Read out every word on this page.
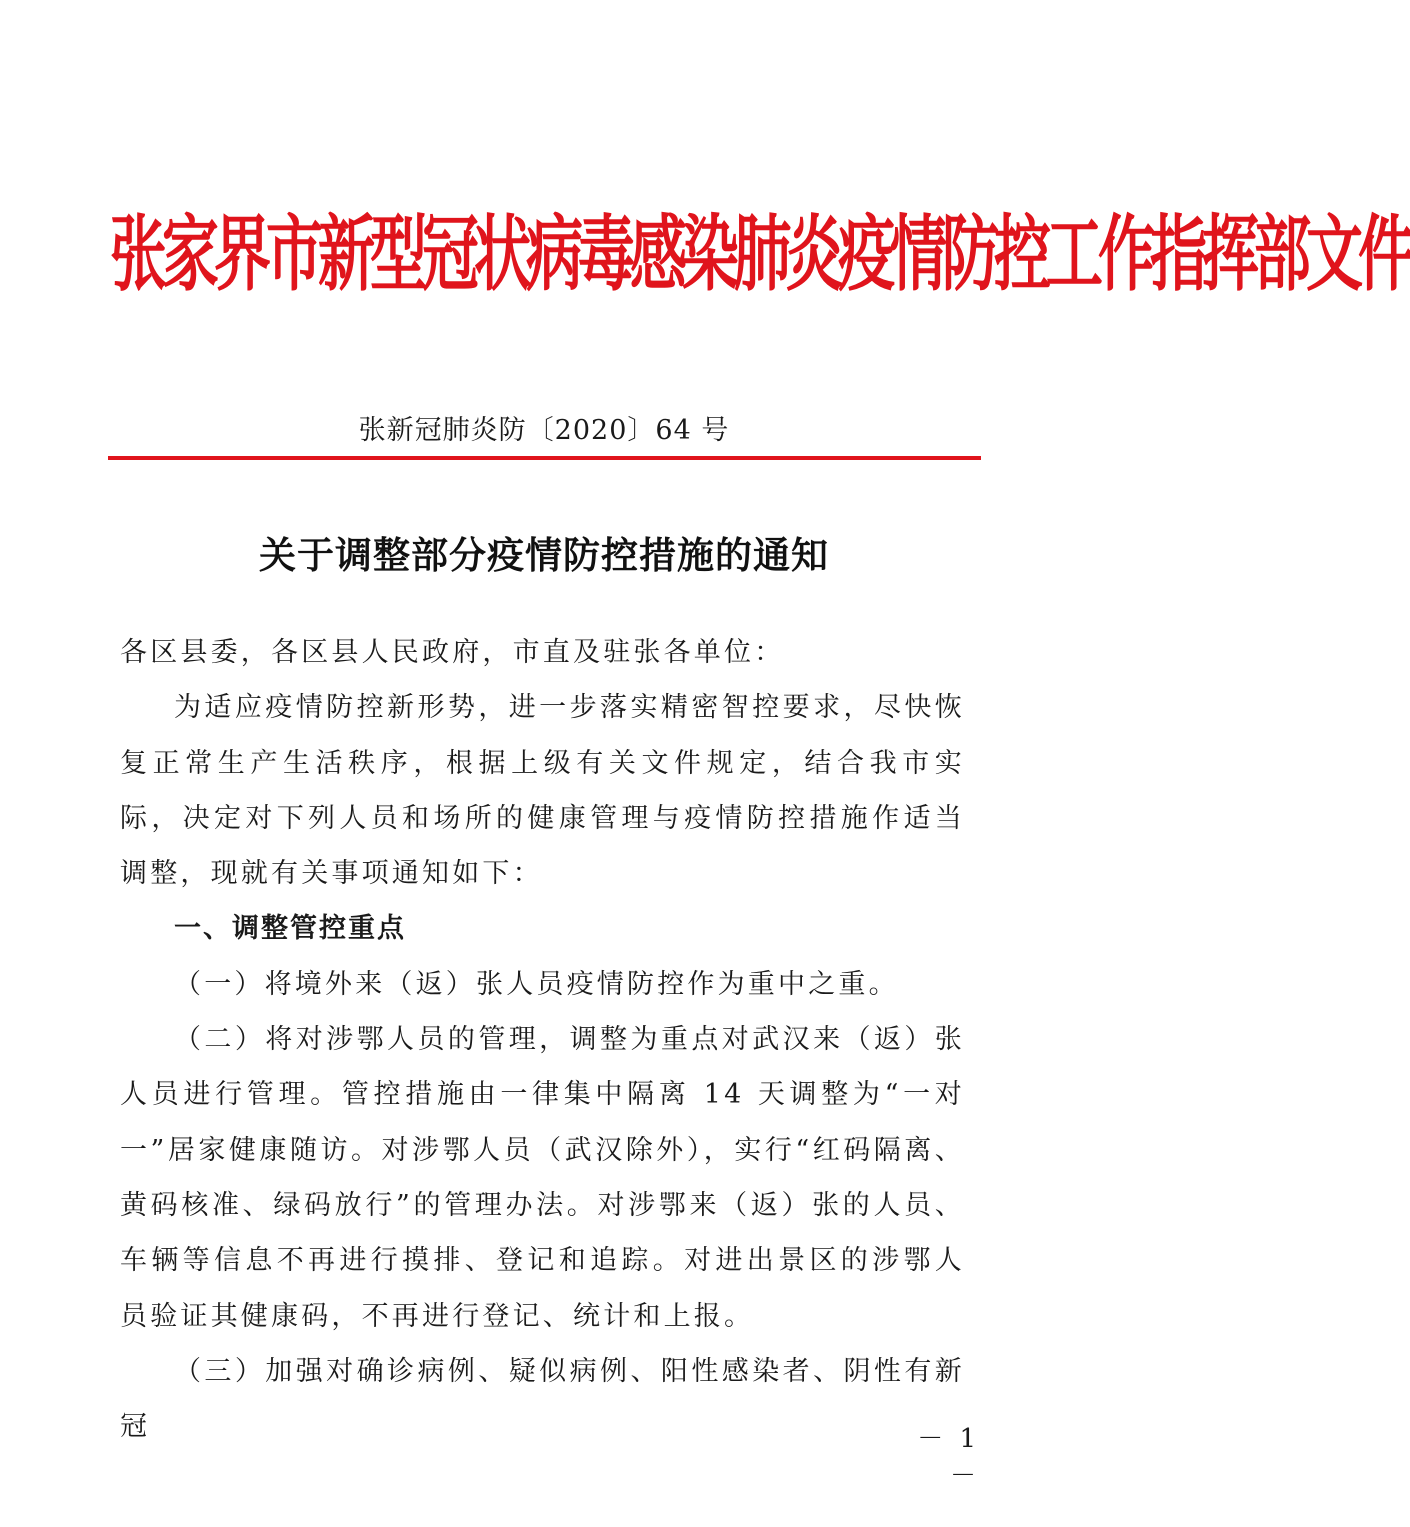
张家界市新型冠状病毒感染肺炎疫情防控工作指挥部文件
张新冠肺炎防〔2020〕64 号
关于调整部分疫情防控措施的通知

各区县委，各区县人民政府，市直及驻张各单位：

为适应疫情防控新形势，进一步落实精密智控要求，尽快恢复正常生产生活秩序，根据上级有关文件规定，结合我市实际，决定对下列人员和场所的健康管理与疫情防控措施作适当调整，现就有关事项通知如下：

一、调整管控重点

（一）将境外来（返）张人员疫情防控作为重中之重。

（二）将对涉鄂人员的管理，调整为重点对武汉来（返）张人员进行管理。管控措施由一律集中隔离 14 天调整为“一对一”居家健康随访。对涉鄂人员（武汉除外），实行“红码隔离、黄码核准、绿码放行”的管理办法。对涉鄂来（返）张的人员、车辆等信息不再进行摸排、登记和追踪。对进出景区的涉鄂人员验证其健康码，不再进行登记、统计和上报。

（三）加强对确诊病例、疑似病例、阳性感染者、阴性有新冠	－ 1 －
